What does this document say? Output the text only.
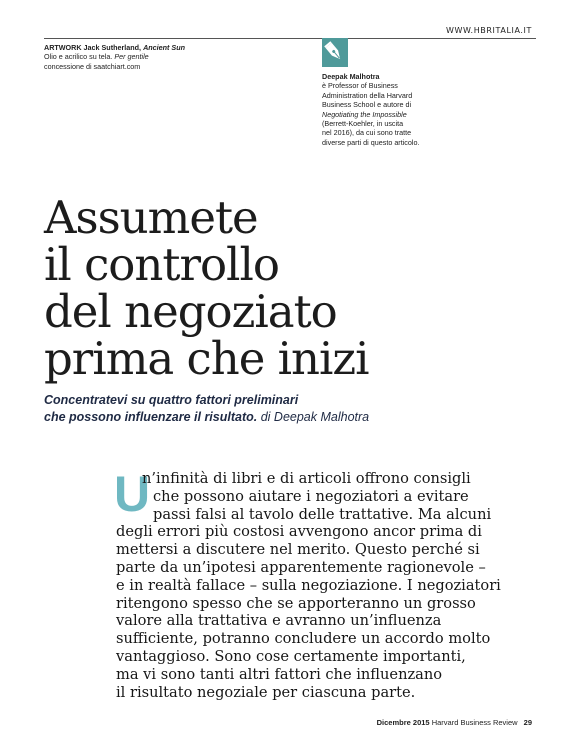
WWW.HBRITALIA.IT
ARTWORK Jack Sutherland, Ancient Sun
Olio e acrilico su tela. Per gentile
concessione di saatchiart.com
Deepak Malhotra
è Professor of Business
Administration della Harvard
Business School e autore di
Negotiating the Impossible
(Berrett-Koehler, in uscita
nel 2016), da cui sono tratte
diverse parti di questo articolo.
Assumete
il controllo
del negoziato
prima che inizi
Concentratevi su quattro fattori preliminari
che possono influenzare il risultato. di Deepak Malhotra
U
n’infinità di libri e di articoli offrono consigli
che possono aiutare i negoziatori a evitare
passi falsi al tavolo delle trattative. Ma alcuni
degli errori più costosi avvengono ancor prima di
mettersi a discutere nel merito. Questo perché si
parte da un’ipotesi apparentemente ragionevole –
e in realtà fallace – sulla negoziazione. I negoziatori
ritengono spesso che se apporteranno un grosso
valore alla trattativa e avranno un’influenza
sufficiente, potranno concludere un accordo molto
vantaggioso. Sono cose certamente importanti,
ma vi sono tanti altri fattori che influenzano
il risultato negoziale per ciascuna parte.
Dicembre 2015 Harvard Business Review 29
